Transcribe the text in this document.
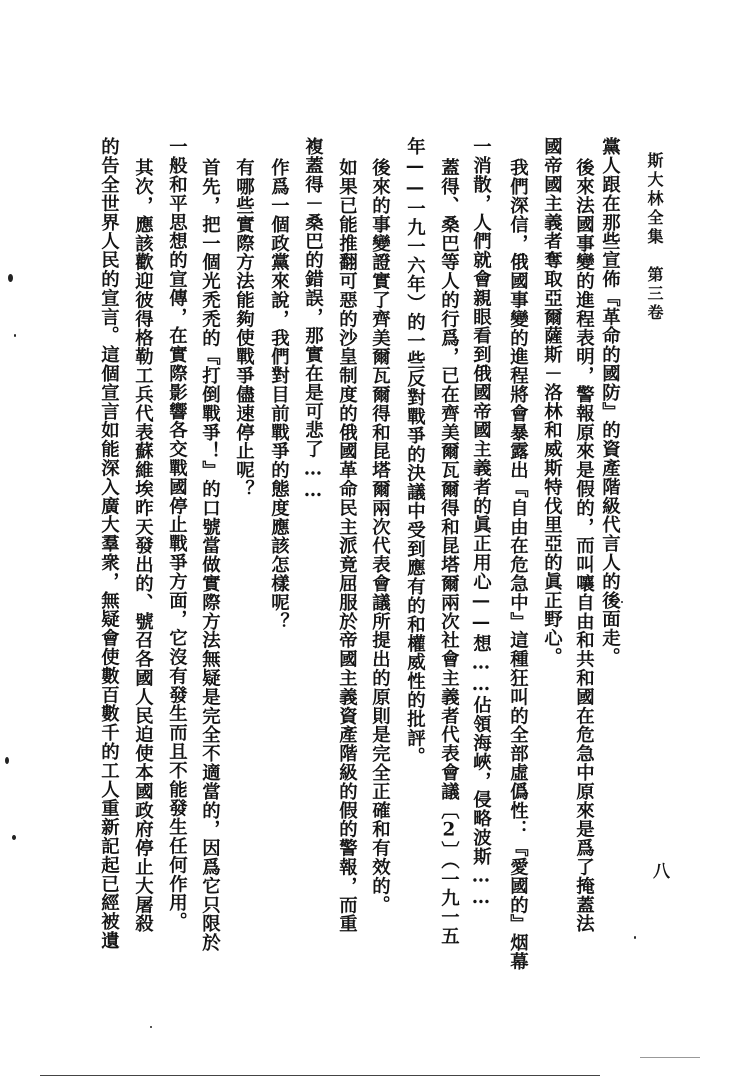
斯大林全集　第三卷
八
後來法國事變的進程表明，警報原來是假的，而叫嚷自由和共和國在危急中原來是爲了掩蓋法 黨人跟在那些宣佈『革命的國防』的資產階級代言人的後面走。
國帝國主義者奪取亞爾薩斯－洛林和威斯特伐里亞的眞正野心。
我們深信，俄國事變的進程將會暴露出『自由在危急中』這種狂叫的全部虛僞性：『愛國的』烟幕
一消散，人們就會親眼看到俄國帝國主義者的眞正用心——想……佔領海峽，侵略波斯……
蓋得、桑巴等人的行爲，已在齊美爾瓦爾得和昆塔爾兩次社會主義者代表會議〔2〕（一九一五
年——一九一六年）的一些反對戰爭的決議中受到應有的和權威性的批評。
後來的事變證實了齊美爾瓦爾得和昆塔爾兩次代表會議所提出的原則是完全正確和有效的。
如果已能推翻可惡的沙皇制度的俄國革命民主派竟屈服於帝國主義資產階級的假的警報，而重
複蓋得－桑巴的錯誤，那實在是可悲了……
作爲一個政黨來說，我們對目前戰爭的態度應該怎樣呢？
有哪些實際方法能夠使戰爭儘速停止呢？
首先，把一個光禿禿的『打倒戰爭！』的口號當做實際方法無疑是完全不適當的，因爲它只限於
一般和平思想的宣傳，在實際影響各交戰國停止戰爭方面，它沒有發生而且不能發生任何作用。
其次，應該歡迎彼得格勒工兵代表蘇維埃昨天發出的、號召各國人民迫使本國政府停止大屠殺
的告全世界人民的宣言。這個宣言如能深入廣大羣衆，無疑會使數百數千的工人重新記起已經被遺
